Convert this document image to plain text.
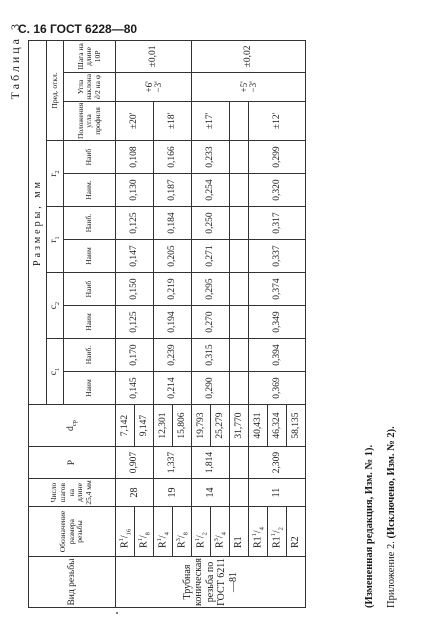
С. 16 ГОСТ 6228—80
Таблица 3
Вид резьбы	Обозначение размера резьбы	Число шагов на длине 25,4 мм	P	$d_{ср}$	Размеры, мм										
					$c_1$		$c_2$		$r_1$		$r_2$		Пред. откл.		
					Наим	Наиб.	Наим	Наиб	Наим	Наиб.	Наим.	Наиб	Положения угла профиля	Угла наклона ∂∕2 на φ	Шага на длине 10P
Трубная коническая резьба по ГОСТ 6211—81	$R^1/_{16}$	28	0,907	7,142	0,145	0,170	0,125	0,150	0,147	0,125	0,130	0,108	±20'	+6' −3'	±0,01
	$R^1/_8$			9,147											
	$R^1/_4$	19	1,337	12,301	0,214	0,239	0,194	0,219	0,205	0,184	0,187	0,166	±18'		
	$R^3/_8$			15,806											
	$R^1/_2$	14	1,814	19,793	0,290	0,315	0,270	0,295	0,271	0,250	0,254	0,233	±17'	+5' −3'	±0,02
	$R^3/_4$			25,279											
	R1			31,770											
	$R1^1/_4$	11	2,309	40,431	0,369	0,394	0,349	0,374	0,337	0,317	0,320	0,299	±12'		
	$R1^1/_2$			46,324											
	R2			58,135											
(Измененная редакция, Изм. № 1). Приложение 2. (Исключено, Изм. № 2).
